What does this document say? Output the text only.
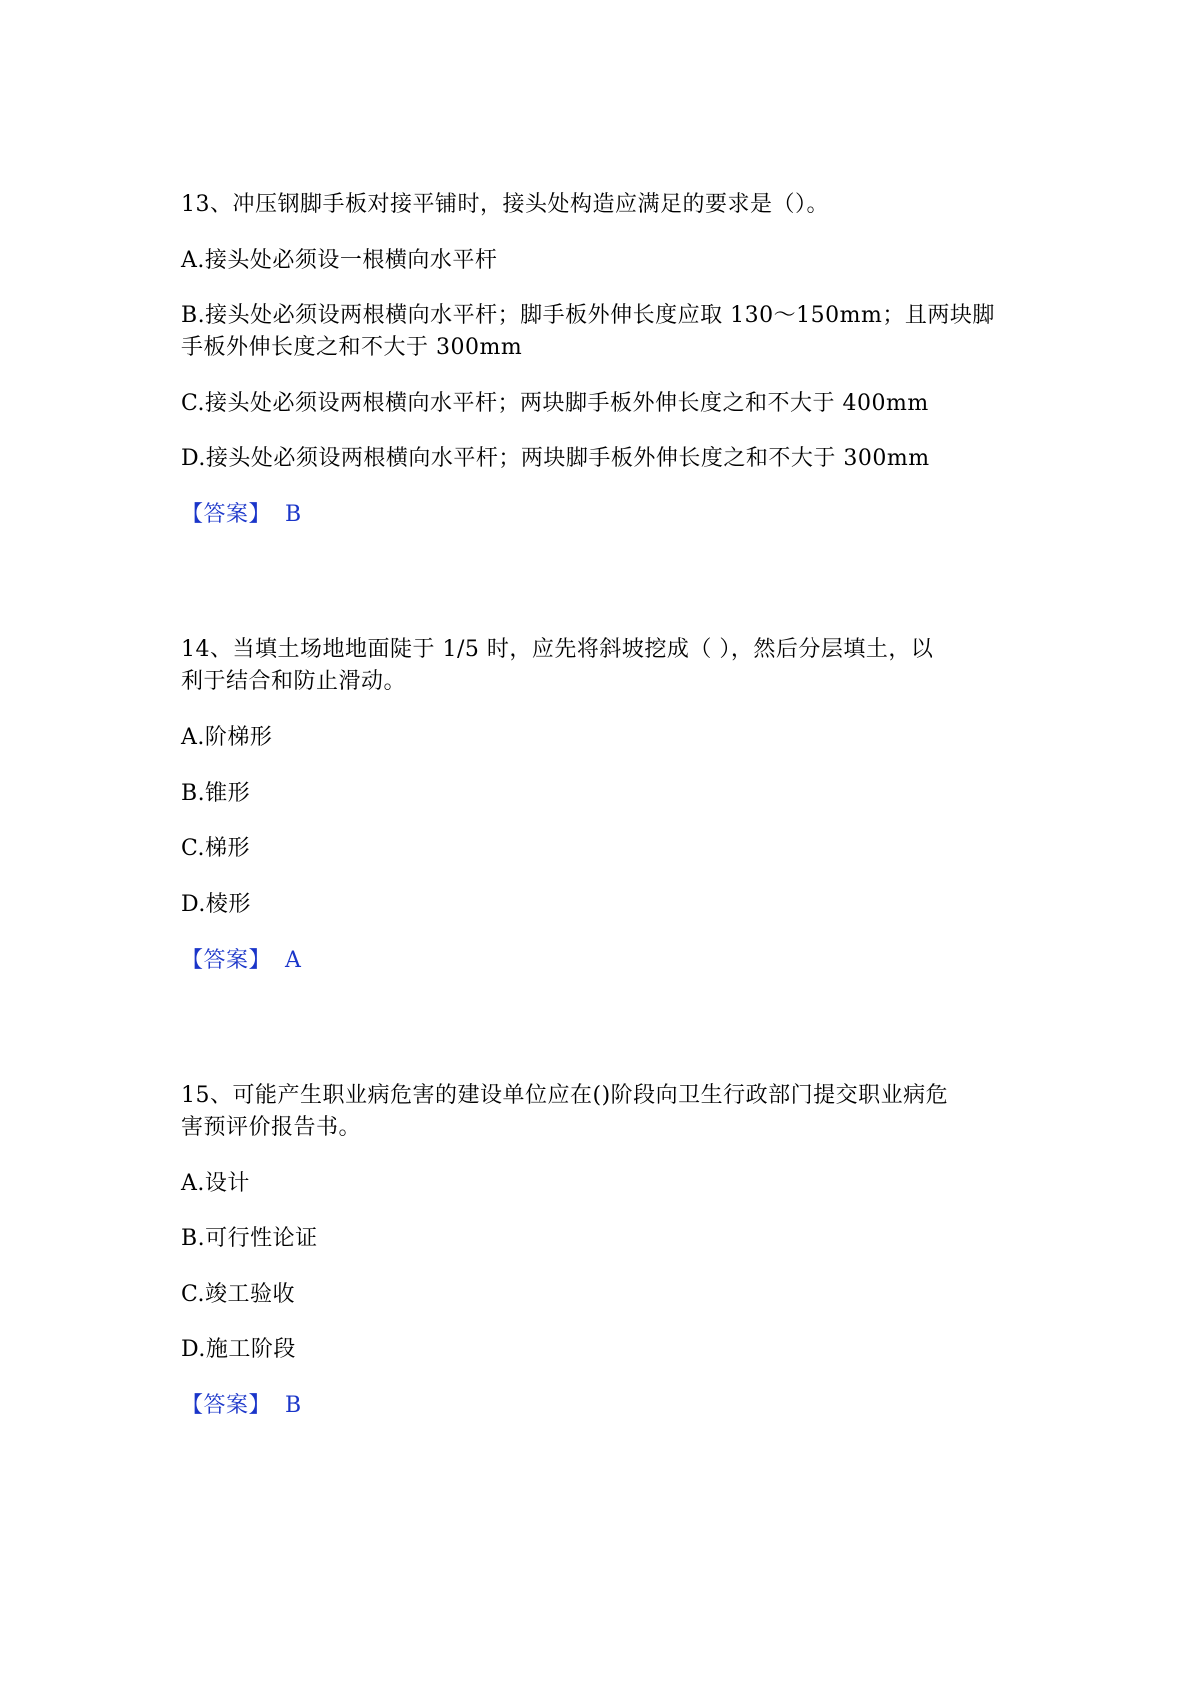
13、冲压钢脚手板对接平铺时，接头处构造应满足的要求是（）。
A.接头处必须设一根横向水平杆
B.接头处必须设两根横向水平杆；脚手板外伸长度应取 130～150mm；且两块脚
手板外伸长度之和不大于 300mm
C.接头处必须设两根横向水平杆；两块脚手板外伸长度之和不大于 400mm
D.接头处必须设两根横向水平杆；两块脚手板外伸长度之和不大于 300mm
【答案】 B
14、当填土场地地面陡于 1/5 时，应先将斜坡挖成（ ），然后分层填土，以
利于结合和防止滑动。
A.阶梯形
B.锥形
C.梯形
D.棱形
【答案】 A
15、可能产生职业病危害的建设单位应在()阶段向卫生行政部门提交职业病危
害预评价报告书。
A.设计
B.可行性论证
C.竣工验收
D.施工阶段
【答案】 B
